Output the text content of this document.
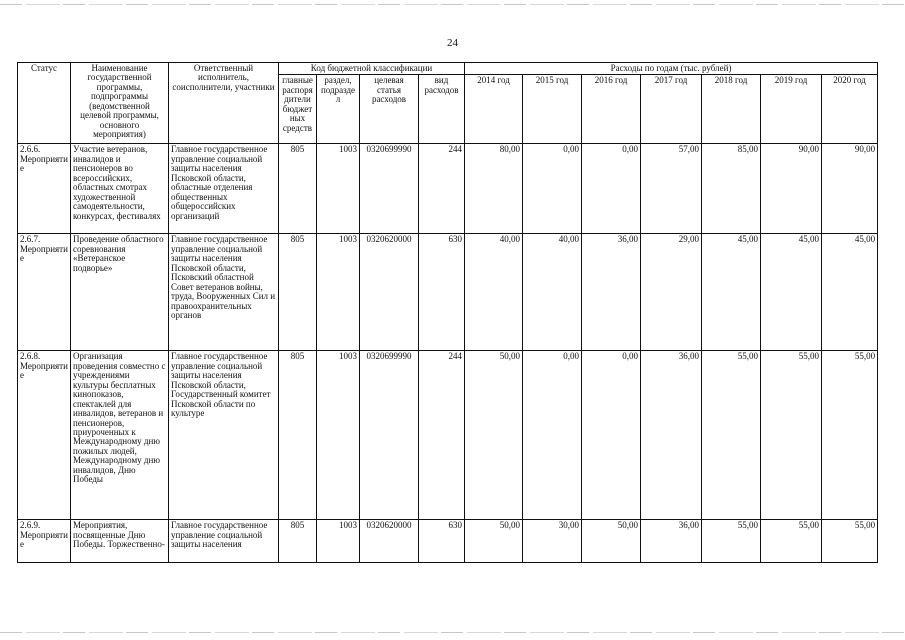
24
Статус	Наименование государственной программы, подпрограммы (ведомственной целевой программы, основного мероприятия)	Ответственный исполнитель, соисполнители, участники	Код бюджетной классификации				Расходы по годам (тыс. рублей)						
			главные распоря дители бюджет ных средств	раздел, подраздел	целевая статья расходов	вид расходов	2014 год	2015 год	2016 год	2017 год	2018 год	2019 год	2020 год
2.6.6. Мероприятие	Участие ветеранов, инвалидов и пенсионеров во всероссийских, областных смотрах художественной самодеятельности, конкурсах, фестивалях	Главное государственное управление социальной защиты населения Псковской области, областные отделения общественных общероссийских организаций	805	1003	0320699990	244	80,00	0,00	0,00	57,00	85,00	90,00	90,00
2.6.7. Мероприятие	Проведение областного соревнования «Ветеранское подворье»	Главное государственное управление социальной защиты населения Псковской области, Псковский областной Совет ветеранов войны, труда, Вооруженных Сил и правоохранительных органов	805	1003	0320620000	630	40,00	40,00	36,00	29,00	45,00	45,00	45,00
2.6.8. Мероприятие	Организация проведения совместно с учреждениями культуры бесплатных кинопоказов, спектаклей для инвалидов, ветеранов и пенсионеров, приуроченных к Международному дню пожилых людей, Международному дню инвалидов, Дню Победы	Главное государственное управление социальной защиты населения Псковской области, Государственный комитет Псковской области по культуре	805	1003	0320699990	244	50,00	0,00	0,00	36,00	55,00	55,00	55,00
2.6.9. Мероприятие	Мероприятия, посвященные Дню Победы. Торжественно-	Главное государственное управление социальной защиты населения	805	1003	0320620000	630	50,00	30,00	50,00	36,00	55,00	55,00	55,00
